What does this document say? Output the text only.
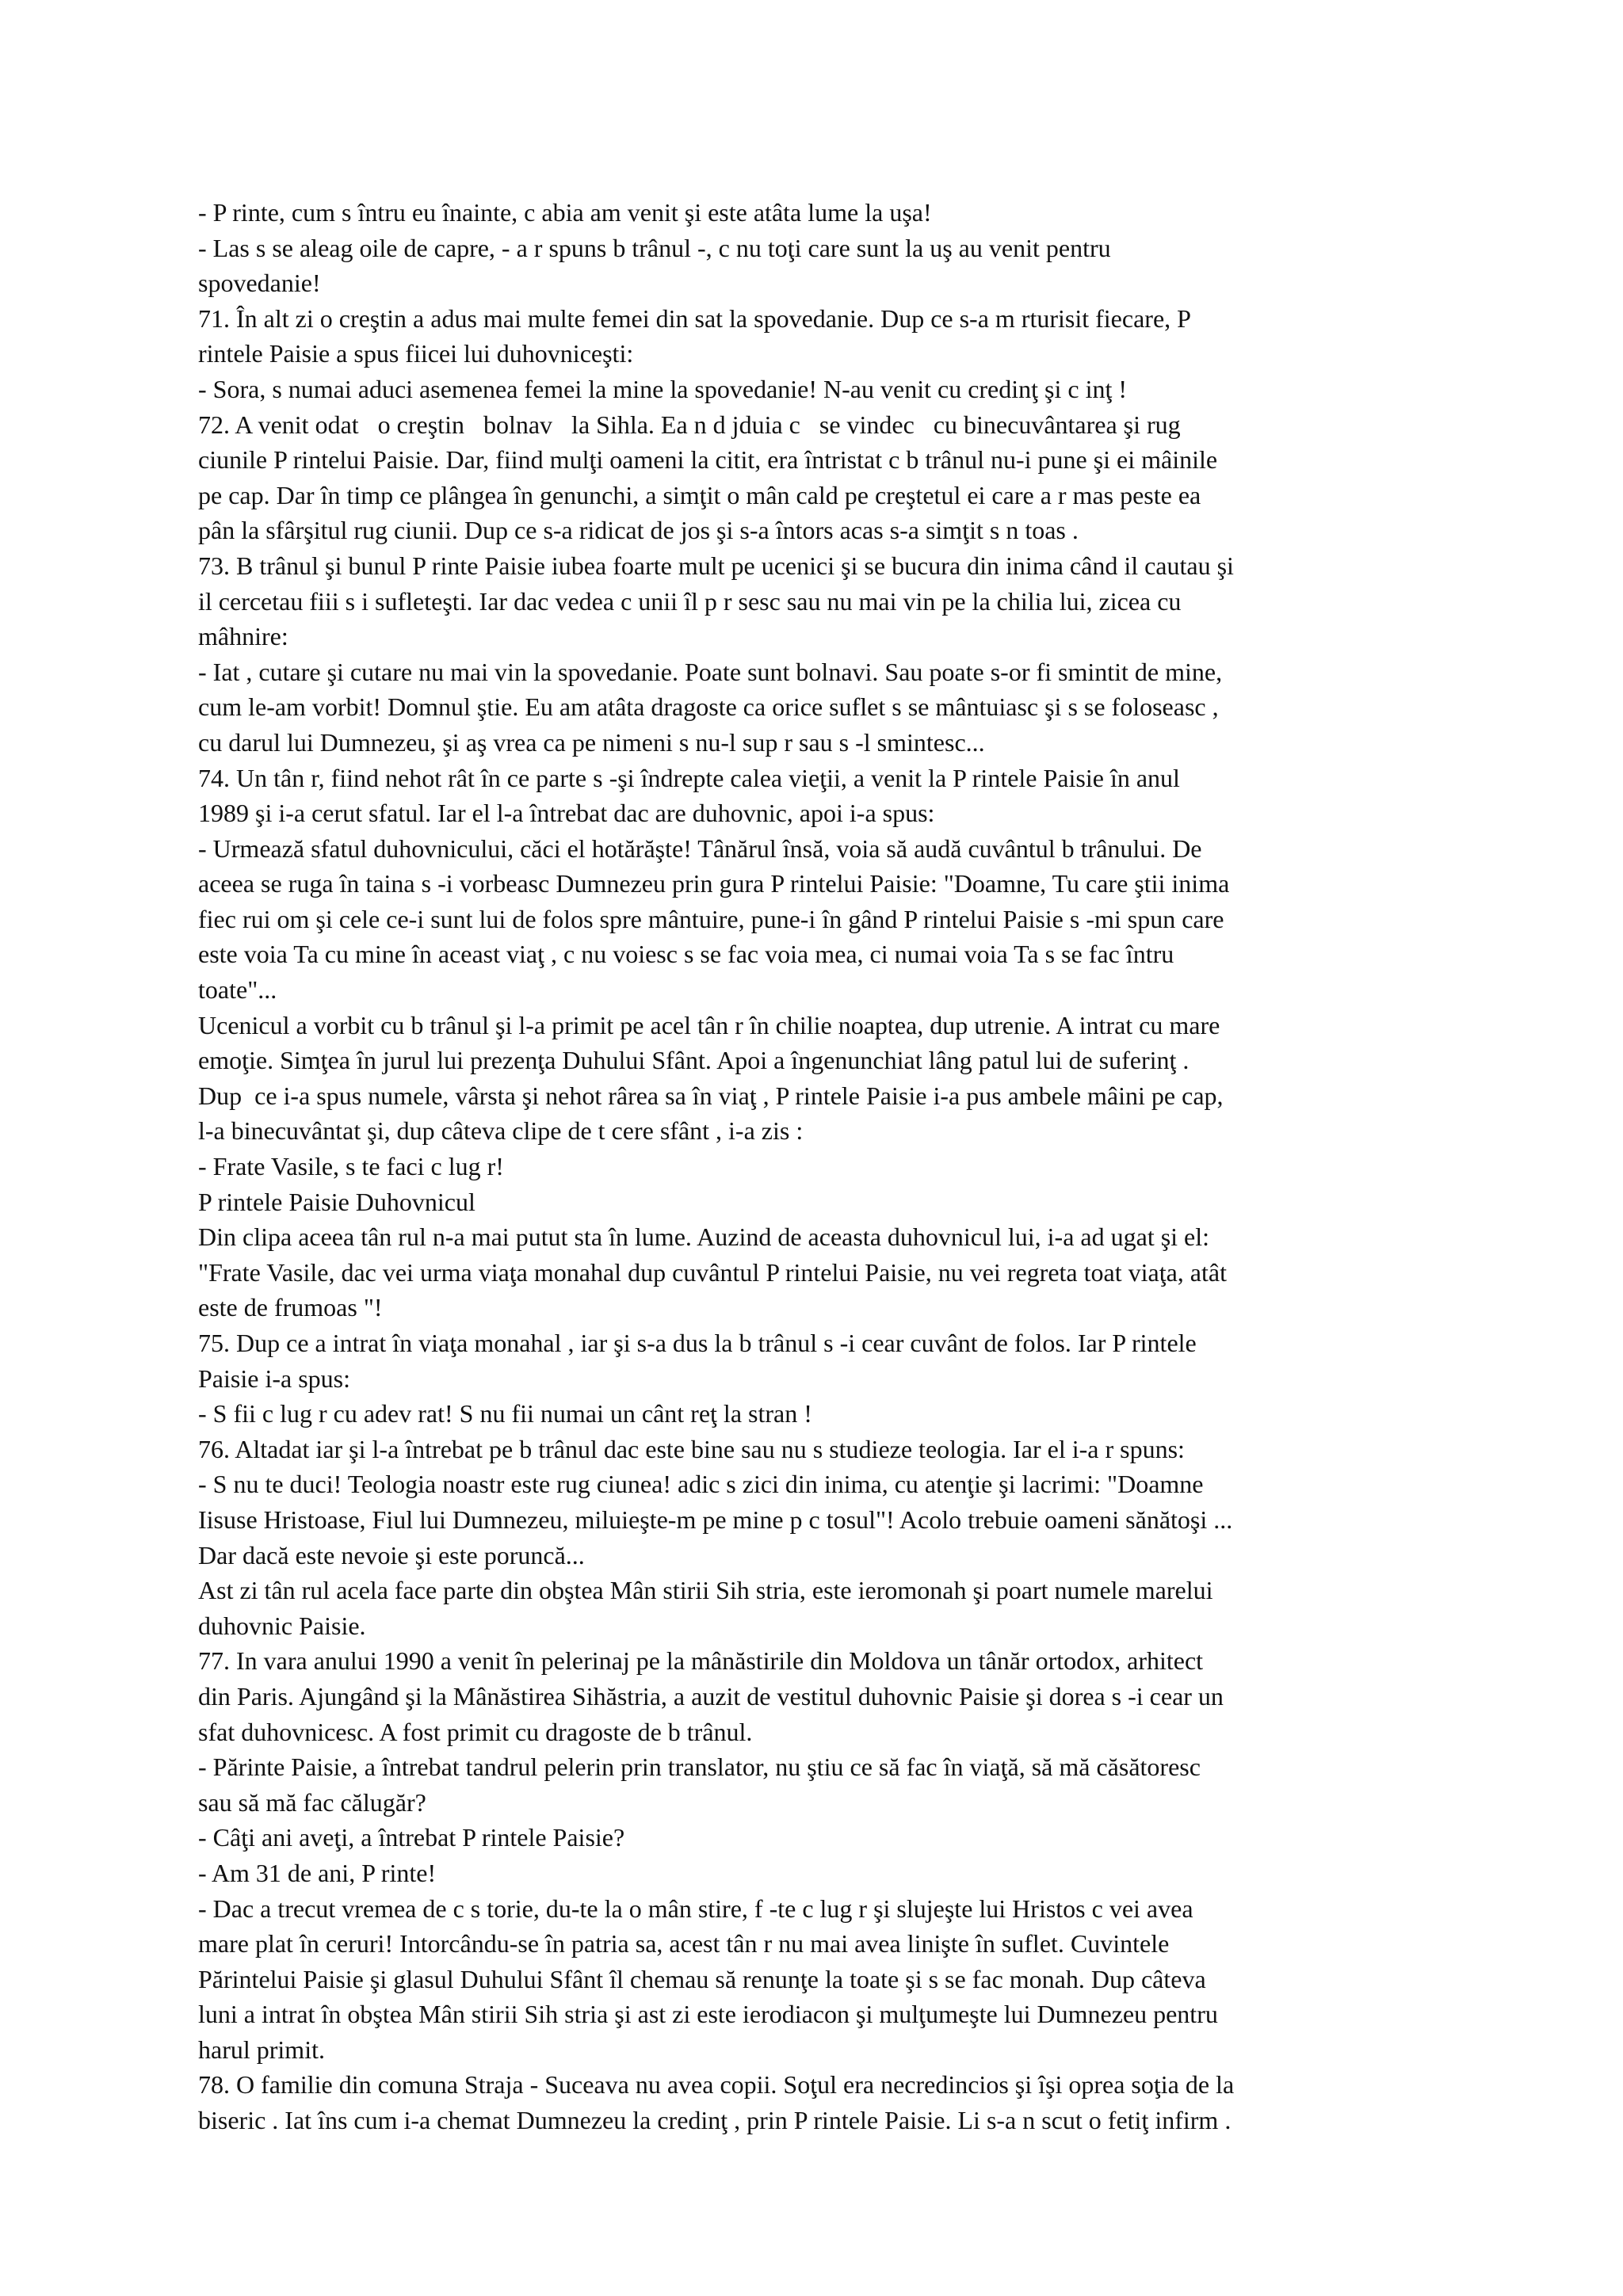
- P rinte, cum s întru eu înainte, c abia am venit şi este atâta lume la uşa!
- Las s se aleag oile de capre, - a r spuns b trânul -, c nu toţi care sunt la uş au venit pentru
spovedanie!
71. În alt zi o creştin a adus mai multe femei din sat la spovedanie. Dup ce s-a m rturisit fiecare, P
rintele Paisie a spus fiicei lui duhovniceşti:
- Sora, s numai aduci asemenea femei la mine la spovedanie! N-au venit cu credinţ şi c inţ !
72. A venit odat   o creştin   bolnav   la Sihla. Ea n d jduia c   se vindec   cu binecuvântarea şi rug
ciunile P rintelui Paisie. Dar, fiind mulţi oameni la citit, era întristat c b trânul nu-i pune şi ei mâinile
pe cap. Dar în timp ce plângea în genunchi, a simţit o mân cald pe creştetul ei care a r mas peste ea
pân la sfârşitul rug ciunii. Dup ce s-a ridicat de jos şi s-a întors acas s-a simţit s n toas .
73. B trânul şi bunul P rinte Paisie iubea foarte mult pe ucenici şi se bucura din inima când il cautau şi
il cercetau fiii s i sufleteşti. Iar dac vedea c unii îl p r sesc sau nu mai vin pe la chilia lui, zicea cu
mâhnire:
- Iat , cutare şi cutare nu mai vin la spovedanie. Poate sunt bolnavi. Sau poate s-or fi smintit de mine,
cum le-am vorbit! Domnul ştie. Eu am atâta dragoste ca orice suflet s se mântuiasc şi s se foloseasc ,
cu darul lui Dumnezeu, şi aş vrea ca pe nimeni s nu-l sup r sau s -l smintesc...
74. Un tân r, fiind nehot rât în ce parte s -şi îndrepte calea vieţii, a venit la P rintele Paisie în anul
1989 şi i-a cerut sfatul. Iar el l-a întrebat dac are duhovnic, apoi i-a spus:
- Urmează sfatul duhovnicului, căci el hotărăşte! Tânărul însă, voia să audă cuvântul b trânului. De
aceea se ruga în taina s -i vorbeasc Dumnezeu prin gura P rintelui Paisie: "Doamne, Tu care ştii inima
fiec rui om şi cele ce-i sunt lui de folos spre mântuire, pune-i în gând P rintelui Paisie s -mi spun care
este voia Ta cu mine în aceast viaţ , c nu voiesc s se fac voia mea, ci numai voia Ta s se fac întru
toate"...
Ucenicul a vorbit cu b trânul şi l-a primit pe acel tân r în chilie noaptea, dup utrenie. A intrat cu mare
emoţie. Simţea în jurul lui prezenţa Duhului Sfânt. Apoi a îngenunchiat lâng patul lui de suferinţ .
Dup  ce i-a spus numele, vârsta şi nehot rârea sa în viaţ , P rintele Paisie i-a pus ambele mâini pe cap,
l-a binecuvântat şi, dup câteva clipe de t cere sfânt , i-a zis :
- Frate Vasile, s te faci c lug r!
P rintele Paisie Duhovnicul
Din clipa aceea tân rul n-a mai putut sta în lume. Auzind de aceasta duhovnicul lui, i-a ad ugat şi el:
"Frate Vasile, dac vei urma viaţa monahal dup cuvântul P rintelui Paisie, nu vei regreta toat viaţa, atât
este de frumoas "!
75. Dup ce a intrat în viaţa monahal , iar şi s-a dus la b trânul s -i cear cuvânt de folos. Iar P rintele
Paisie i-a spus:
- S fii c lug r cu adev rat! S nu fii numai un cânt reţ la stran !
76. Altadat iar şi l-a întrebat pe b trânul dac este bine sau nu s studieze teologia. Iar el i-a r spuns:
- S nu te duci! Teologia noastr este rug ciunea! adic s zici din inima, cu atenţie şi lacrimi: "Doamne
Iisuse Hristoase, Fiul lui Dumnezeu, miluieşte-m pe mine p c tosul"! Acolo trebuie oameni sănătoşi ...
Dar dacă este nevoie şi este poruncă...
Ast zi tân rul acela face parte din obştea Mân stirii Sih stria, este ieromonah şi poart numele marelui
duhovnic Paisie.
77. In vara anului 1990 a venit în pelerinaj pe la mânăstirile din Moldova un tânăr ortodox, arhitect
din Paris. Ajungând şi la Mânăstirea Sihăstria, a auzit de vestitul duhovnic Paisie şi dorea s -i cear un
sfat duhovnicesc. A fost primit cu dragoste de b trânul.
- Părinte Paisie, a întrebat tandrul pelerin prin translator, nu ştiu ce să fac în viaţă, să mă căsătoresc
sau să mă fac călugăr?
- Câţi ani aveţi, a întrebat P rintele Paisie?
- Am 31 de ani, P rinte!
- Dac a trecut vremea de c s torie, du-te la o mân stire, f -te c lug r şi slujeşte lui Hristos c vei avea
mare plat în ceruri! Intorcându-se în patria sa, acest tân r nu mai avea linişte în suflet. Cuvintele
Părintelui Paisie şi glasul Duhului Sfânt îl chemau să renunţe la toate şi s se fac monah. Dup câteva
luni a intrat în obştea Mân stirii Sih stria şi ast zi este ierodiacon şi mulţumeşte lui Dumnezeu pentru
harul primit.
78. O familie din comuna Straja - Suceava nu avea copii. Soţul era necredincios şi îşi oprea soţia de la
biseric . Iat îns cum i-a chemat Dumnezeu la credinţ , prin P rintele Paisie. Li s-a n scut o fetiţ infirm .
